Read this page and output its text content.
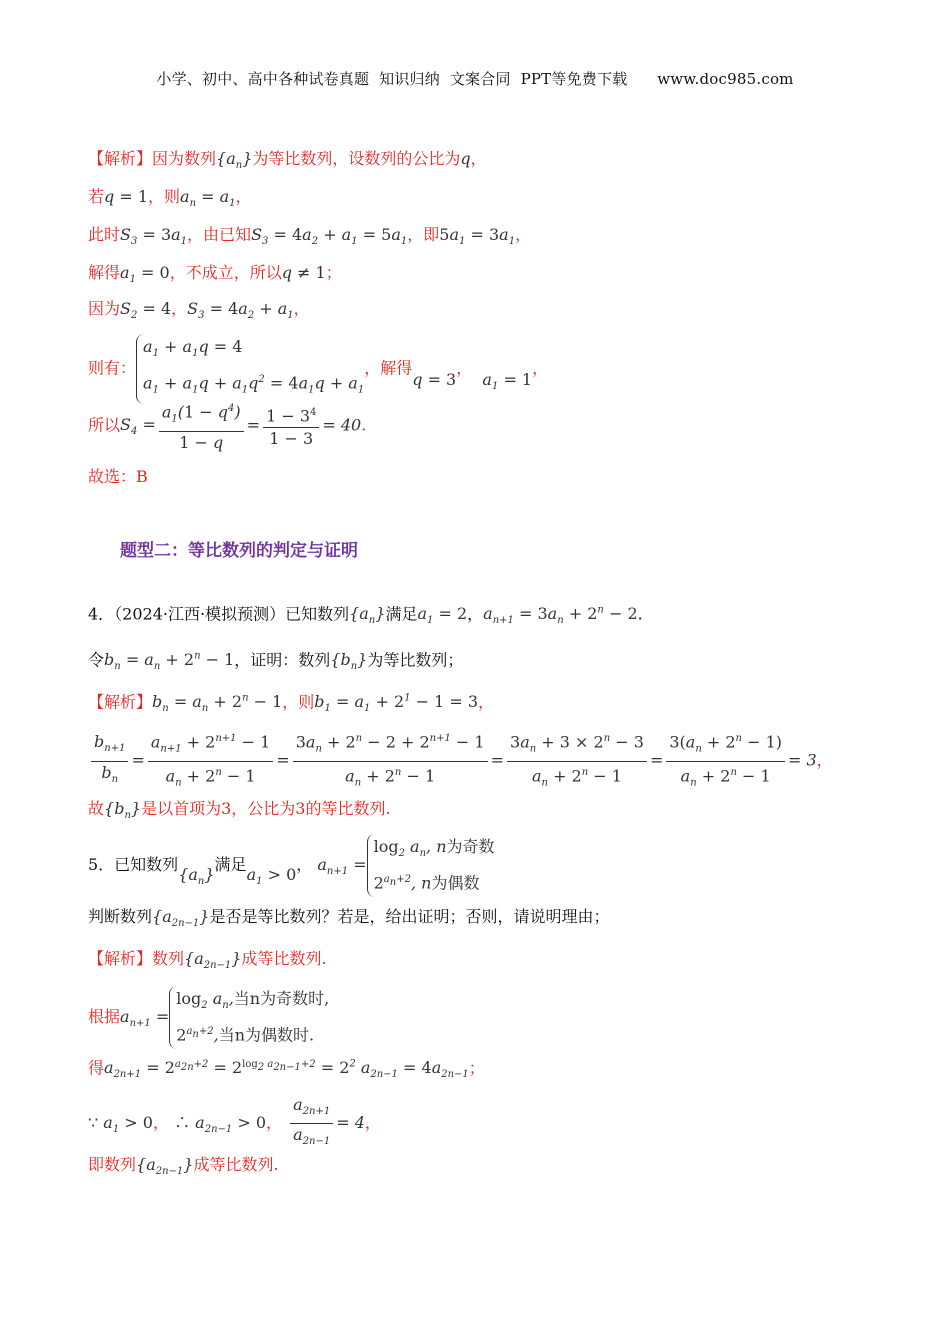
小学、初中、高中各种试卷真题  知识归纳  文案合同  PPT等免费下载      www.doc985.com
【解析】因为数列$\{a_n\}$为等比数列，设数列的公比为q，
若q = 1，则$a_n = a_1$，
此时$S_3 = 3a_1$，由已知$S_3 = 4a_2 + a_1 = 5a_1$，即$5a_1 = 3a_1$，
解得$a_1 = 0$，不成立，所以q ≠ 1；
因为$S_2 = 4$，$S_3 = 4a_2 + a_1$，
则有：$a_1 + a_1q = 4$
$a_1 + a_1q + a_1q^2 = 4a_1q + a_1$，解得q = 3，  $a_1 = 1$，
所以$S_4 = \frac{a_1(1 - q^4)}{1 - q} = \frac{1 - 3^4}{1 - 3} = 40$.
故选：B
题型二：等比数列的判定与证明
4．（2024·江西·模拟预测）已知数列$\{a_n\}$满足$a_1 = 2$，$a_{n+1} = 3a_n + 2^n - 2$.
令$b_n = a_n + 2^n - 1$，证明：数列$\{b_n\}$为等比数列；
【解析】$b_n = a_n + 2^n - 1$，则$b_1 = a_1 + 2^1 - 1 = 3$，
$\frac{b_{n+1}}{b_n} = \frac{a_{n+1} + 2^{n+1} - 1}{a_n + 2^n - 1} = \frac{3a_n + 2^n - 2 + 2^{n+1} - 1}{a_n + 2^n - 1} = \frac{3a_n + 3 \times 2^n - 3}{a_n + 2^n - 1} = \frac{3(a_n + 2^n - 1)}{a_n + 2^n - 1} = 3$，
故$\{b_n\}$是以首项为3，公比为3的等比数列.
5．已知数列$\{a_n\}$满足$a_1 > 0$， $a_{n+1} =\log_2$ $a_n$, n为奇数
$2^{a_n+2}$, n为偶数
判断数列$\{a_{2n-1}\}$是否是等比数列？若是，给出证明；否则，请说明理由；
【解析】数列$\{a_{2n-1}\}$成等比数列.
根据$a_{n+1} =\log_2$ $a_n$,当n为奇数时,
$2^{a_n+2}$,当n为偶数时.
得$a_{2n+1} = 2^{a_{2n}+2} = 2^{log_2 a_{2n-1}+2} = 2^2$ $a_{2n-1} = 4a_{2n-1}$；
∵ $a_1 > 0$， ∴ $a_{2n-1} > 0$， $\frac{a_{2n+1}}{a_{2n-1}} = 4$，
即数列$\{a_{2n-1}\}$成等比数列.
